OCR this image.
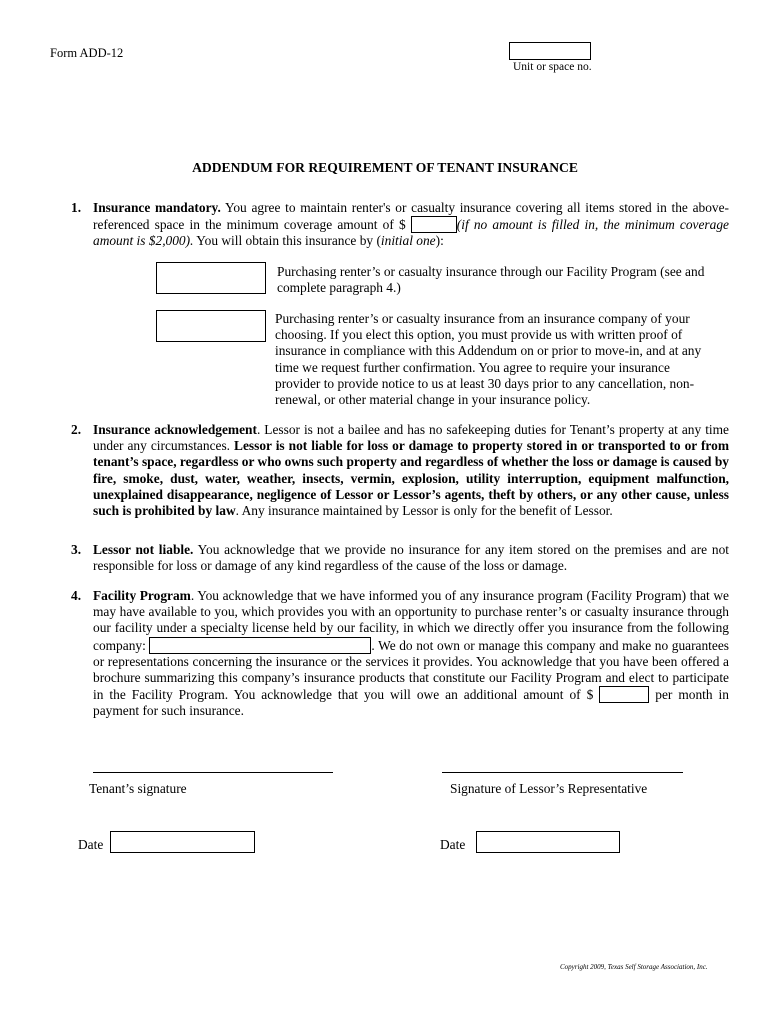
Form ADD-12
Unit or space no.
ADDENDUM FOR REQUIREMENT OF TENANT INSURANCE
1. Insurance mandatory. You agree to maintain renter's or casualty insurance covering all items stored in the above-referenced space in the minimum coverage amount of $	(if no amount is filled in, the minimum coverage amount is $2,000). You will obtain this insurance by (initial one):
Purchasing renter’s or casualty insurance through our Facility Program (see and complete paragraph 4.)
Purchasing renter’s or casualty insurance from an insurance company of your choosing. If you elect this option, you must provide us with written proof of insurance in compliance with this Addendum on or prior to move-in, and at any time we request further confirmation. You agree to require your insurance provider to provide notice to us at least 30 days prior to any cancellation, non-renewal, or other material change in your insurance policy.
2. Insurance acknowledgement. Lessor is not a bailee and has no safekeeping duties for Tenant’s property at any time under any circumstances. Lessor is not liable for loss or damage to property stored in or transported to or from tenant’s space, regardless or who owns such property and regardless of whether the loss or damage is caused by fire, smoke, dust, water, weather, insects, vermin, explosion, utility interruption, equipment malfunction, unexplained disappearance, negligence of Lessor or Lessor’s agents, theft by others, or any other cause, unless such is prohibited by law. Any insurance maintained by Lessor is only for the benefit of Lessor.
3. Lessor not liable. You acknowledge that we provide no insurance for any item stored on the premises and are not responsible for loss or damage of any kind regardless of the cause of the loss or damage.
4. Facility Program. You acknowledge that we have informed you of any insurance program (Facility Program) that we may have available to you, which provides you with an opportunity to purchase renter’s or casualty insurance through our facility under a specialty license held by our facility, in which we directly offer you insurance from the following company:	. We do not own or manage this company and make no guarantees or representations concerning the insurance or the services it provides. You acknowledge that you have been offered a brochure summarizing this company’s insurance products that constitute our Facility Program and elect to participate in the Facility Program. You acknowledge that you will owe an additional amount of $	per month in payment for such insurance.
Tenant’s signature	Signature of Lessor’s Representative
Date	Date
Copyright 2009, Texas Self Storage Association, Inc.
